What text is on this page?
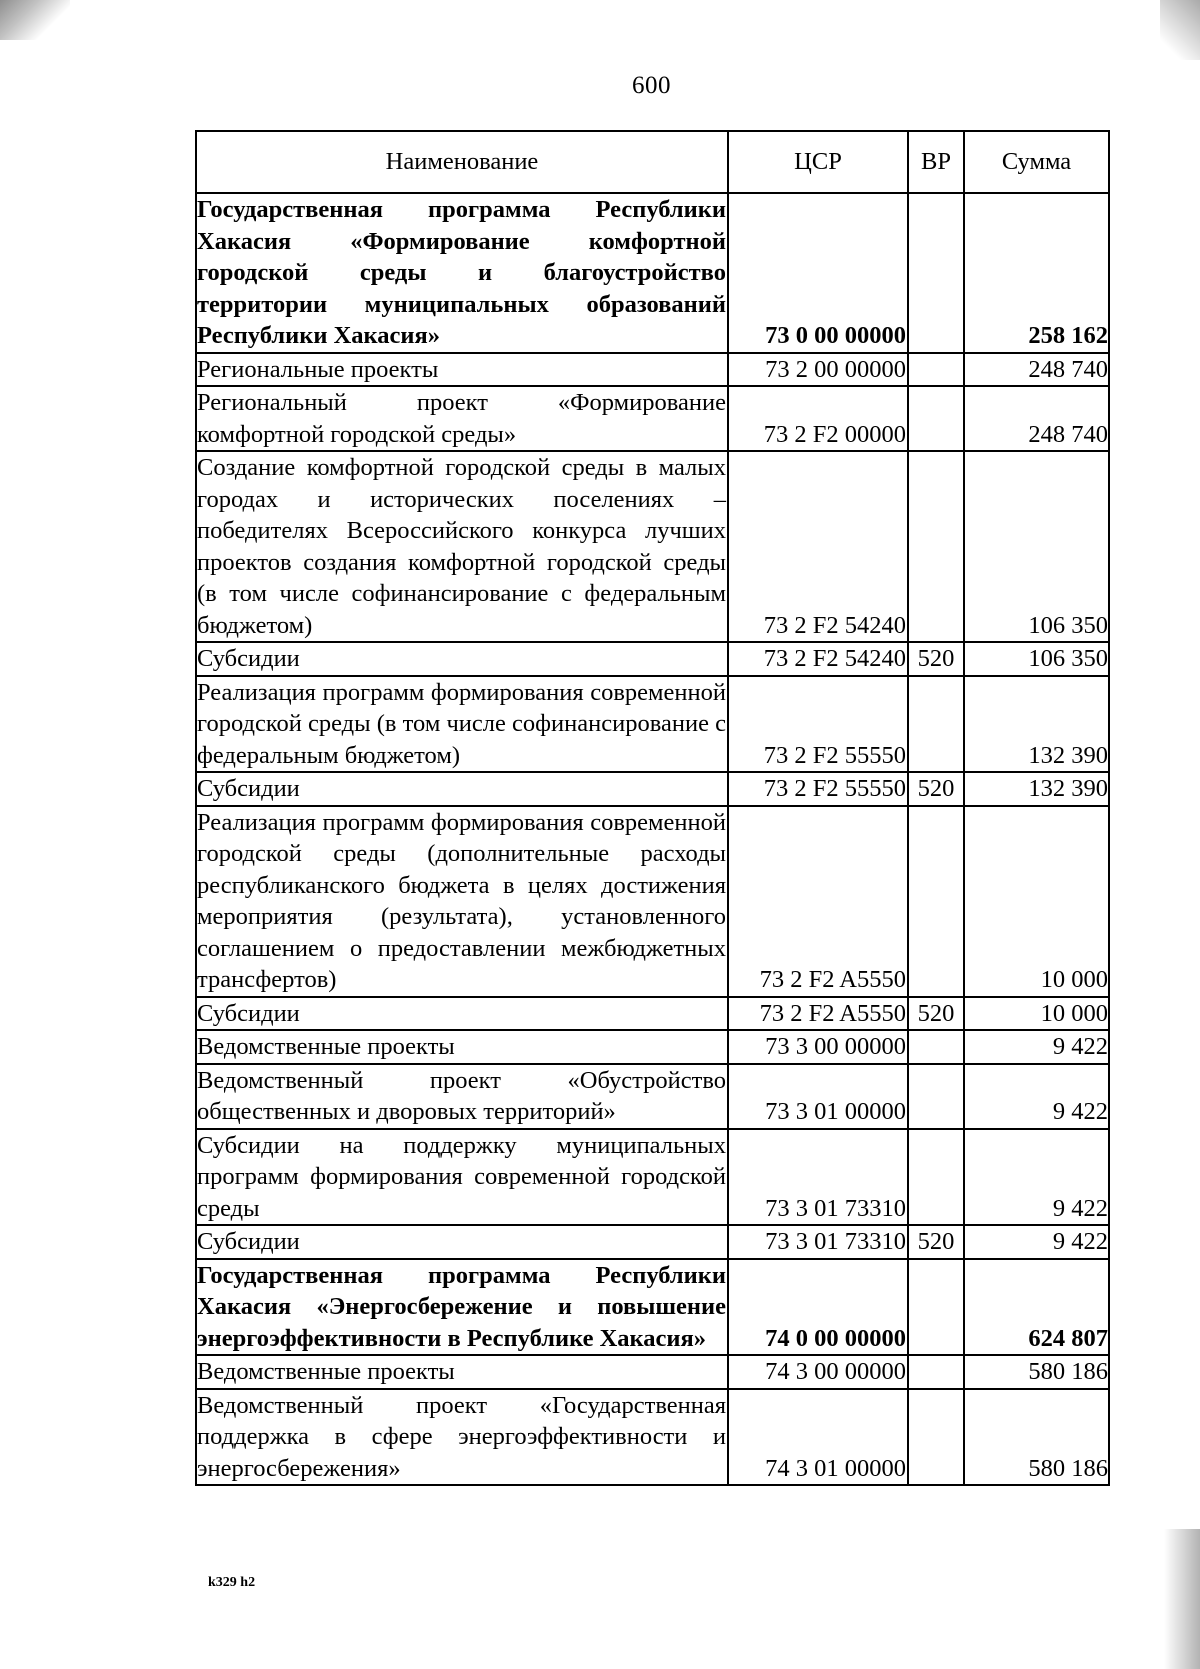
600
Наименование	ЦСР	ВР	Сумма
Государственная программа Республики Хакасия «Формирование комфортной городской среды и благоустройство территории муниципальных образований Республики Хакасия»	73 0 00 00000		258 162
Региональные проекты	73 2 00 00000		248 740
Региональный проект «Формирование комфортной городской среды»	73 2 F2 00000		248 740
Создание комфортной городской среды в малых городах и исторических поселениях – победителях Всероссийского конкурса лучших проектов создания комфортной городской среды (в том числе софинансирование с федеральным бюджетом)	73 2 F2 54240		106 350
Субсидии	73 2 F2 54240	520	106 350
Реализация программ формирования современной городской среды (в том числе софинансирование с федеральным бюджетом)	73 2 F2 55550		132 390
Субсидии	73 2 F2 55550	520	132 390
Реализация программ формирования современной городской среды (дополнительные расходы республиканского бюджета в целях достижения мероприятия (результата), установленного соглашением о предоставлении межбюджетных трансфертов)	73 2 F2 A5550		10 000
Субсидии	73 2 F2 A5550	520	10 000
Ведомственные проекты	73 3 00 00000		9 422
Ведомственный проект «Обустройство общественных и дворовых территорий»	73 3 01 00000		9 422
Субсидии на поддержку муниципальных программ формирования современной городской среды	73 3 01 73310		9 422
Субсидии	73 3 01 73310	520	9 422
Государственная программа Республики Хакасия «Энергосбережение и повышение энергоэффективности в Республике Хакасия»	74 0 00 00000		624 807
Ведомственные проекты	74 3 00 00000		580 186
Ведомственный проект «Государственная поддержка в сфере энергоэффективности и энергосбережения»	74 3 01 00000		580 186
k329 h2
